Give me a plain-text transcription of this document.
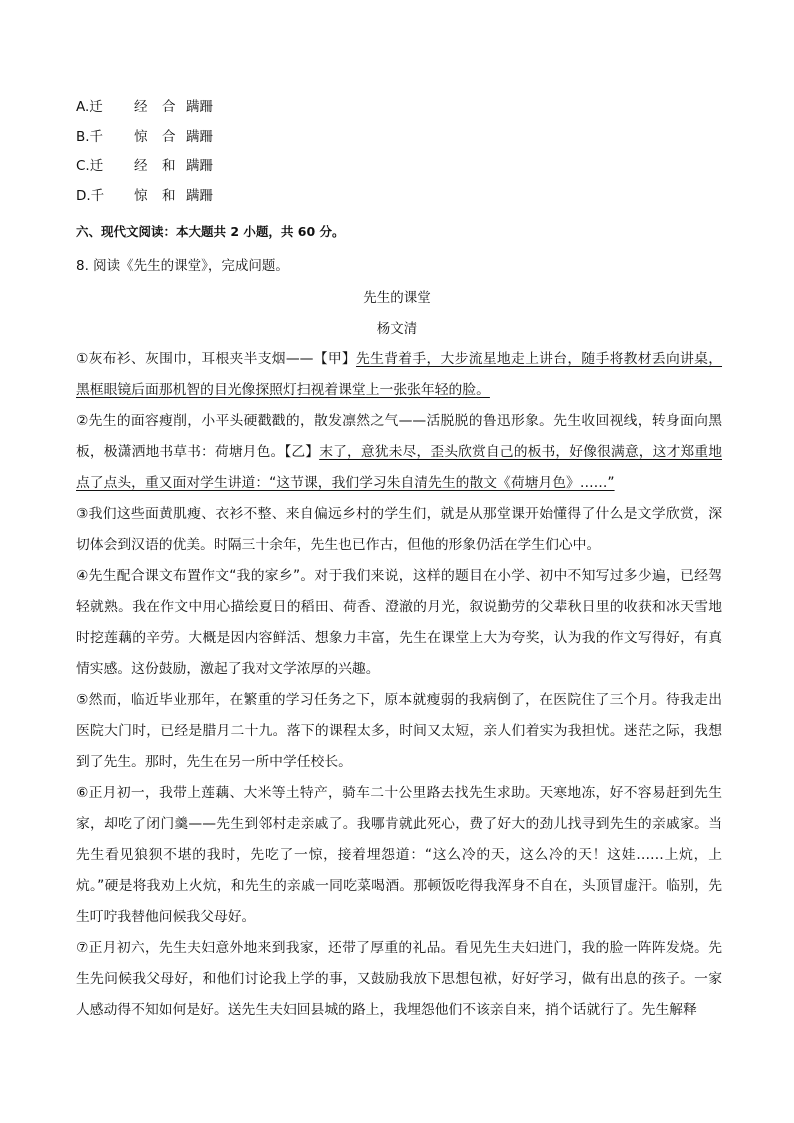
A.迁 经 合 蹒跚
B.千 惊 合 蹒跚
C.迁 经 和 蹒跚
D.千 惊 和 蹒跚
六、现代文阅读：本大题共 2 小题，共 60 分。
8. 阅读《先生的课堂》，完成问题。
先生的课堂
杨文清

①灰布衫、灰围巾，耳根夹半支烟——【甲】先生背着手，大步流星地走上讲台，随手将教材丢向讲桌，黑框眼镜后面那机智的目光像探照灯扫视着课堂上一张张年轻的脸。

②先生的面容瘦削，小平头硬戳戳的，散发凛然之气——活脱脱的鲁迅形象。先生收回视线，转身面向黑板，极潇洒地书草书：荷塘月色。【乙】末了，意犹未尽，歪头欣赏自己的板书，好像很满意，这才郑重地点了点头，重又面对学生讲道：“这节课，我们学习朱自清先生的散文《荷塘月色》……”

③我们这些面黄肌瘦、衣衫不整、来自偏远乡村的学生们，就是从那堂课开始懂得了什么是文学欣赏，深切体会到汉语的优美。时隔三十余年，先生也已作古，但他的形象仍活在学生们心中。

④先生配合课文布置作文“我的家乡”。对于我们来说，这样的题目在小学、初中不知写过多少遍，已经驾轻就熟。我在作文中用心描绘夏日的稻田、荷香、澄澈的月光，叙说勤劳的父辈秋日里的收获和冰天雪地时挖莲藕的辛劳。大概是因内容鲜活、想象力丰富，先生在课堂上大为夸奖，认为我的作文写得好，有真情实感。这份鼓励，激起了我对文学浓厚的兴趣。

⑤然而，临近毕业那年，在繁重的学习任务之下，原本就瘦弱的我病倒了，在医院住了三个月。待我走出医院大门时，已经是腊月二十九。落下的课程太多，时间又太短，亲人们着实为我担忧。迷茫之际，我想到了先生。那时，先生在另一所中学任校长。

⑥正月初一，我带上莲藕、大米等土特产，骑车二十公里路去找先生求助。天寒地冻，好不容易赶到先生家，却吃了闭门羹——先生到邻村走亲戚了。我哪肯就此死心，费了好大的劲儿找寻到先生的亲戚家。当先生看见狼狈不堪的我时，先吃了一惊，接着埋怨道：“这么冷的天，这么冷的天！这娃……上炕，上炕。”硬是将我劝上火炕，和先生的亲戚一同吃菜喝酒。那顿饭吃得我浑身不自在，头顶冒虚汗。临别，先生叮咛我替他问候我父母好。

⑦正月初六，先生夫妇意外地来到我家，还带了厚重的礼品。看见先生夫妇进门，我的脸一阵阵发烧。先生先问候我父母好，和他们讨论我上学的事，又鼓励我放下思想包袱，好好学习，做有出息的孩子。一家人感动得不知如何是好。送先生夫妇回县城的路上，我埋怨他们不该亲自来，捎个话就行了。先生解释
